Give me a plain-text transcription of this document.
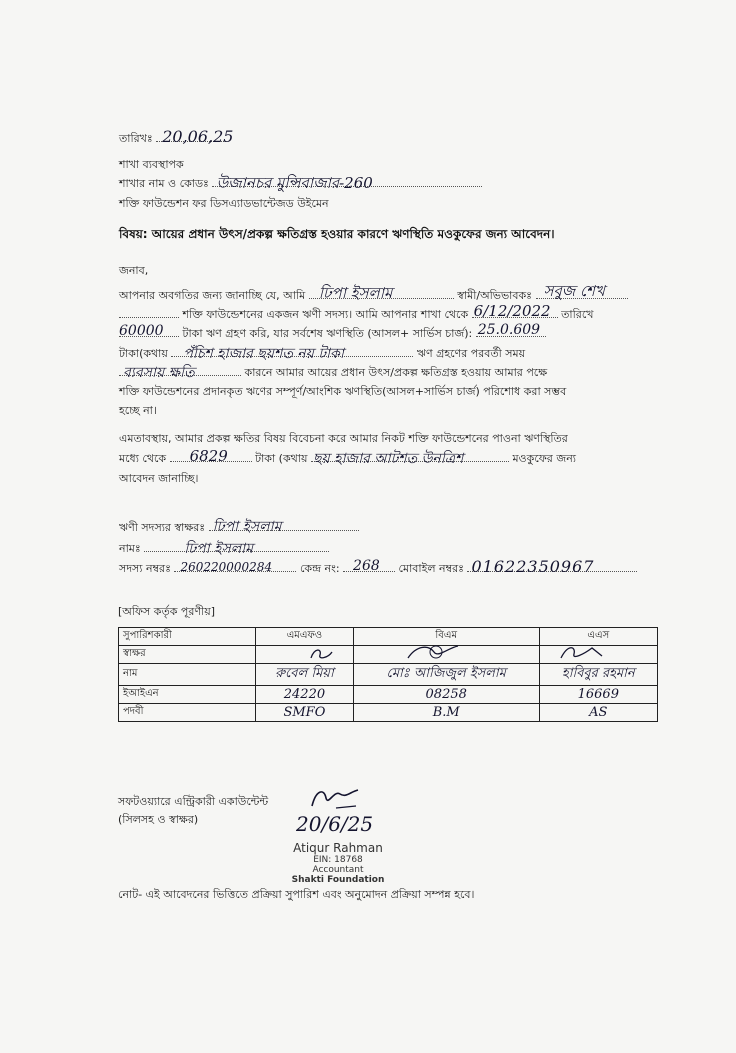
তারিখঃ 20,06,25
শাখা ব্যবস্থাপক
শাখার নাম ও কোডঃ উজানচর মুন্সিবাজার-260
শক্তি ফাউন্ডেশন ফর ডিসএ্যাডভান্টেজড উইমেন
বিষয়: আয়ের প্রধান উৎস/প্রকল্প ক্ষতিগ্রস্ত হওয়ার কারণে ঋণস্থিতি মওকুফের জন্য আবেদন।
জনাব,
আপনার অবগতির জন্য জানাচ্ছি যে, আমি ঢিপা ইসলাম	স্বামী/অভিভাবকঃ সবুজ শেখ
শক্তি ফাউন্ডেশনের একজন ঋণী সদস্য। আমি আপনার শাখা থেকে 6/12/2022 তারিখে
60000 টাকা ঋণ গ্রহণ করি, যার সর্বশেষ ঋণস্থিতি (আসল+ সার্ভিস চার্জ): 25.0.609
টাকা(কথায় পঁচিশ হাজার ছয়শত নয় টাকা	ঋণ গ্রহণের পরবর্তী সময়
ব্যবসায় ক্ষতি	কারনে আমার আয়ের প্রধান উৎস/প্রকল্প ক্ষতিগ্রস্ত হওয়ায় আমার পক্ষে
শক্তি ফাউন্ডেশনের প্রদানকৃত ঋণের সম্পূর্ণ/আংশিক ঋণস্থিতি(আসল+সার্ভিস চার্জ) পরিশোধ করা সম্ভব
হচ্ছে না।
এমতাবস্থায়, আমার প্রকল্প ক্ষতির বিষয় বিবেচনা করে আমার নিকট শক্তি ফাউন্ডেশনের পাওনা ঋণস্থিতির
মধ্যে থেকে 6829 টাকা (কথায় ছয় হাজার আটশত উনত্রিশ	মওকুফের জন্য
আবেদন জানাচ্ছি।
ঋণী সদস্যর স্বাক্ষরঃ ঢিপা ইসলাম
নামঃ	ঢিপা ইসলাম
সদস্য নম্বরঃ 260220000284	কেন্দ্র নং: 268 মোবাইল নম্বরঃ 01622350967
[অফিস কর্তৃক পূরণীয়]
সুপারিশকারী	এমএফও	বিএম	এএস
স্বাক্ষর	

নাম	রুবেল মিয়া	মোঃ আজিজুল ইসলাম	হাবিবুর রহমান
ইআইএন	24220	08258	16669
পদবী	SMFO	B.M	AS
সফটওয়্যারে এন্ট্রিকারী একাউন্টেন্ট
(সিলসহ ও স্বাক্ষর)	20/6/25
Atiqur Rahman
EIN: 18768
Accountant
Shakti Foundation
নোট- এই আবেদনের ভিত্তিতে প্রক্রিয়া সুপারিশ এবং অনুমোদন প্রক্রিয়া সম্পন্ন হবে।
